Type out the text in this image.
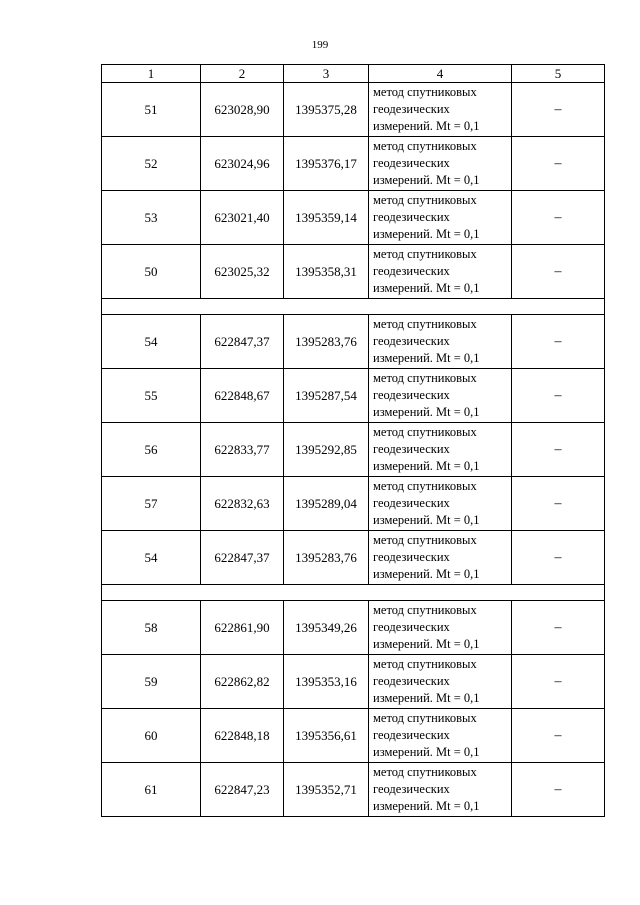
199
1	2	3	4	5
51	623028,90	1395375,28	метод спутниковых
геодезических
измерений. Mt = 0,1	–
52	623024,96	1395376,17	метод спутниковых
геодезических
измерений. Mt = 0,1	–
53	623021,40	1395359,14	метод спутниковых
геодезических
измерений. Mt = 0,1	–
50	623025,32	1395358,31	метод спутниковых
геодезических
измерений. Mt = 0,1	–

54	622847,37	1395283,76	метод спутниковых
геодезических
измерений. Mt = 0,1	–
55	622848,67	1395287,54	метод спутниковых
геодезических
измерений. Mt = 0,1	–
56	622833,77	1395292,85	метод спутниковых
геодезических
измерений. Mt = 0,1	–
57	622832,63	1395289,04	метод спутниковых
геодезических
измерений. Mt = 0,1	–
54	622847,37	1395283,76	метод спутниковых
геодезических
измерений. Mt = 0,1	–

58	622861,90	1395349,26	метод спутниковых
геодезических
измерений. Mt = 0,1	–
59	622862,82	1395353,16	метод спутниковых
геодезических
измерений. Mt = 0,1	–
60	622848,18	1395356,61	метод спутниковых
геодезических
измерений. Mt = 0,1	–
61	622847,23	1395352,71	метод спутниковых
геодезических
измерений. Mt = 0,1	–
